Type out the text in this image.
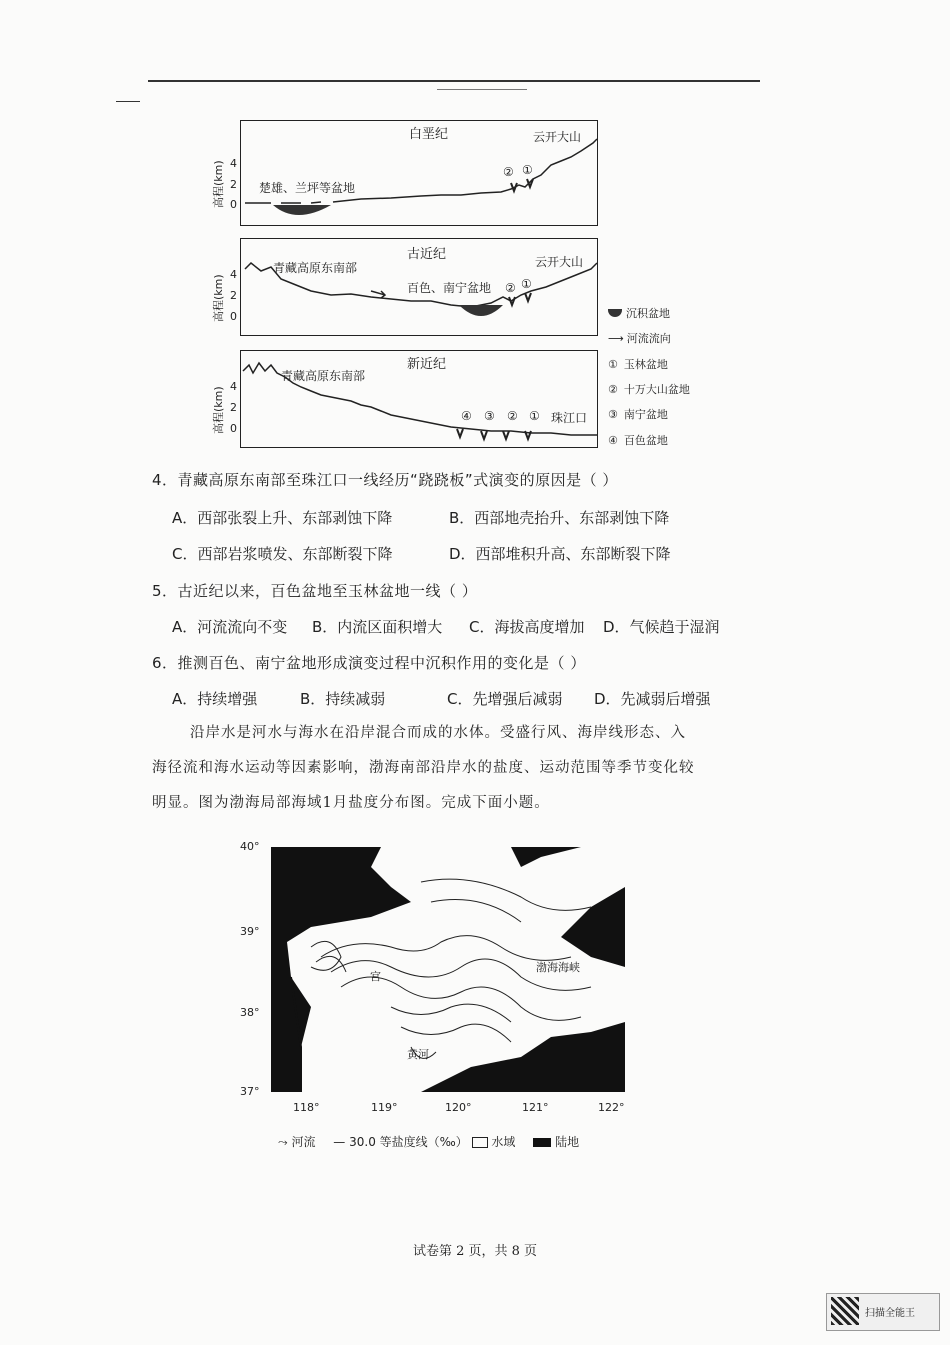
白垩纪	云开大山
楚雄、兰坪等盆地
② ①
高程(km) 4
2
0
古近纪
青藏高原东南部	云开大山
百色、南宁盆地 ② ①
高程(km) 4
2
0
新近纪
青藏高原东南部
珠江口
④ ③ ② ①
高程(km) 4
2
0
沉积盆地
⟶ 河流流向
① 玉林盆地
② 十万大山盆地
③ 南宁盆地
④ 百色盆地
4．青藏高原东南部至珠江口一线经历“跷跷板”式演变的原因是（ ）
A．西部张裂上升、东部剥蚀下降	B．西部地壳抬升、东部剥蚀下降
C．西部岩浆喷发、东部断裂下降	D．西部堆积升高、东部断裂下降
5．古近纪以来，百色盆地至玉林盆地一线（ ）
A．河流流向不变 B．内流区面积增大 C．海拔高度增加 D．气候趋于湿润
6．推测百色、南宁盆地形成演变过程中沉积作用的变化是（ ）
A．持续增强	B．持续减弱	C．先增强后减弱 D．先减弱后增强
沿岸水是河水与海水在沿岸混合而成的水体。受盛行风、海岸线形态、入
海径流和海水运动等因素影响，渤海南部沿岸水的盐度、运动范围等季节变化较
明显。图为渤海局部海域1月盐度分布图。完成下面小题。
渤海海峡
宫
黄河
40°
39°
38°
37°
118°	119°	120°	121°	122°
⤳ 河流 — 30.0 等盐度线（‰） 水域	陆地
试卷第 2 页，共 8 页
扫描全能王
